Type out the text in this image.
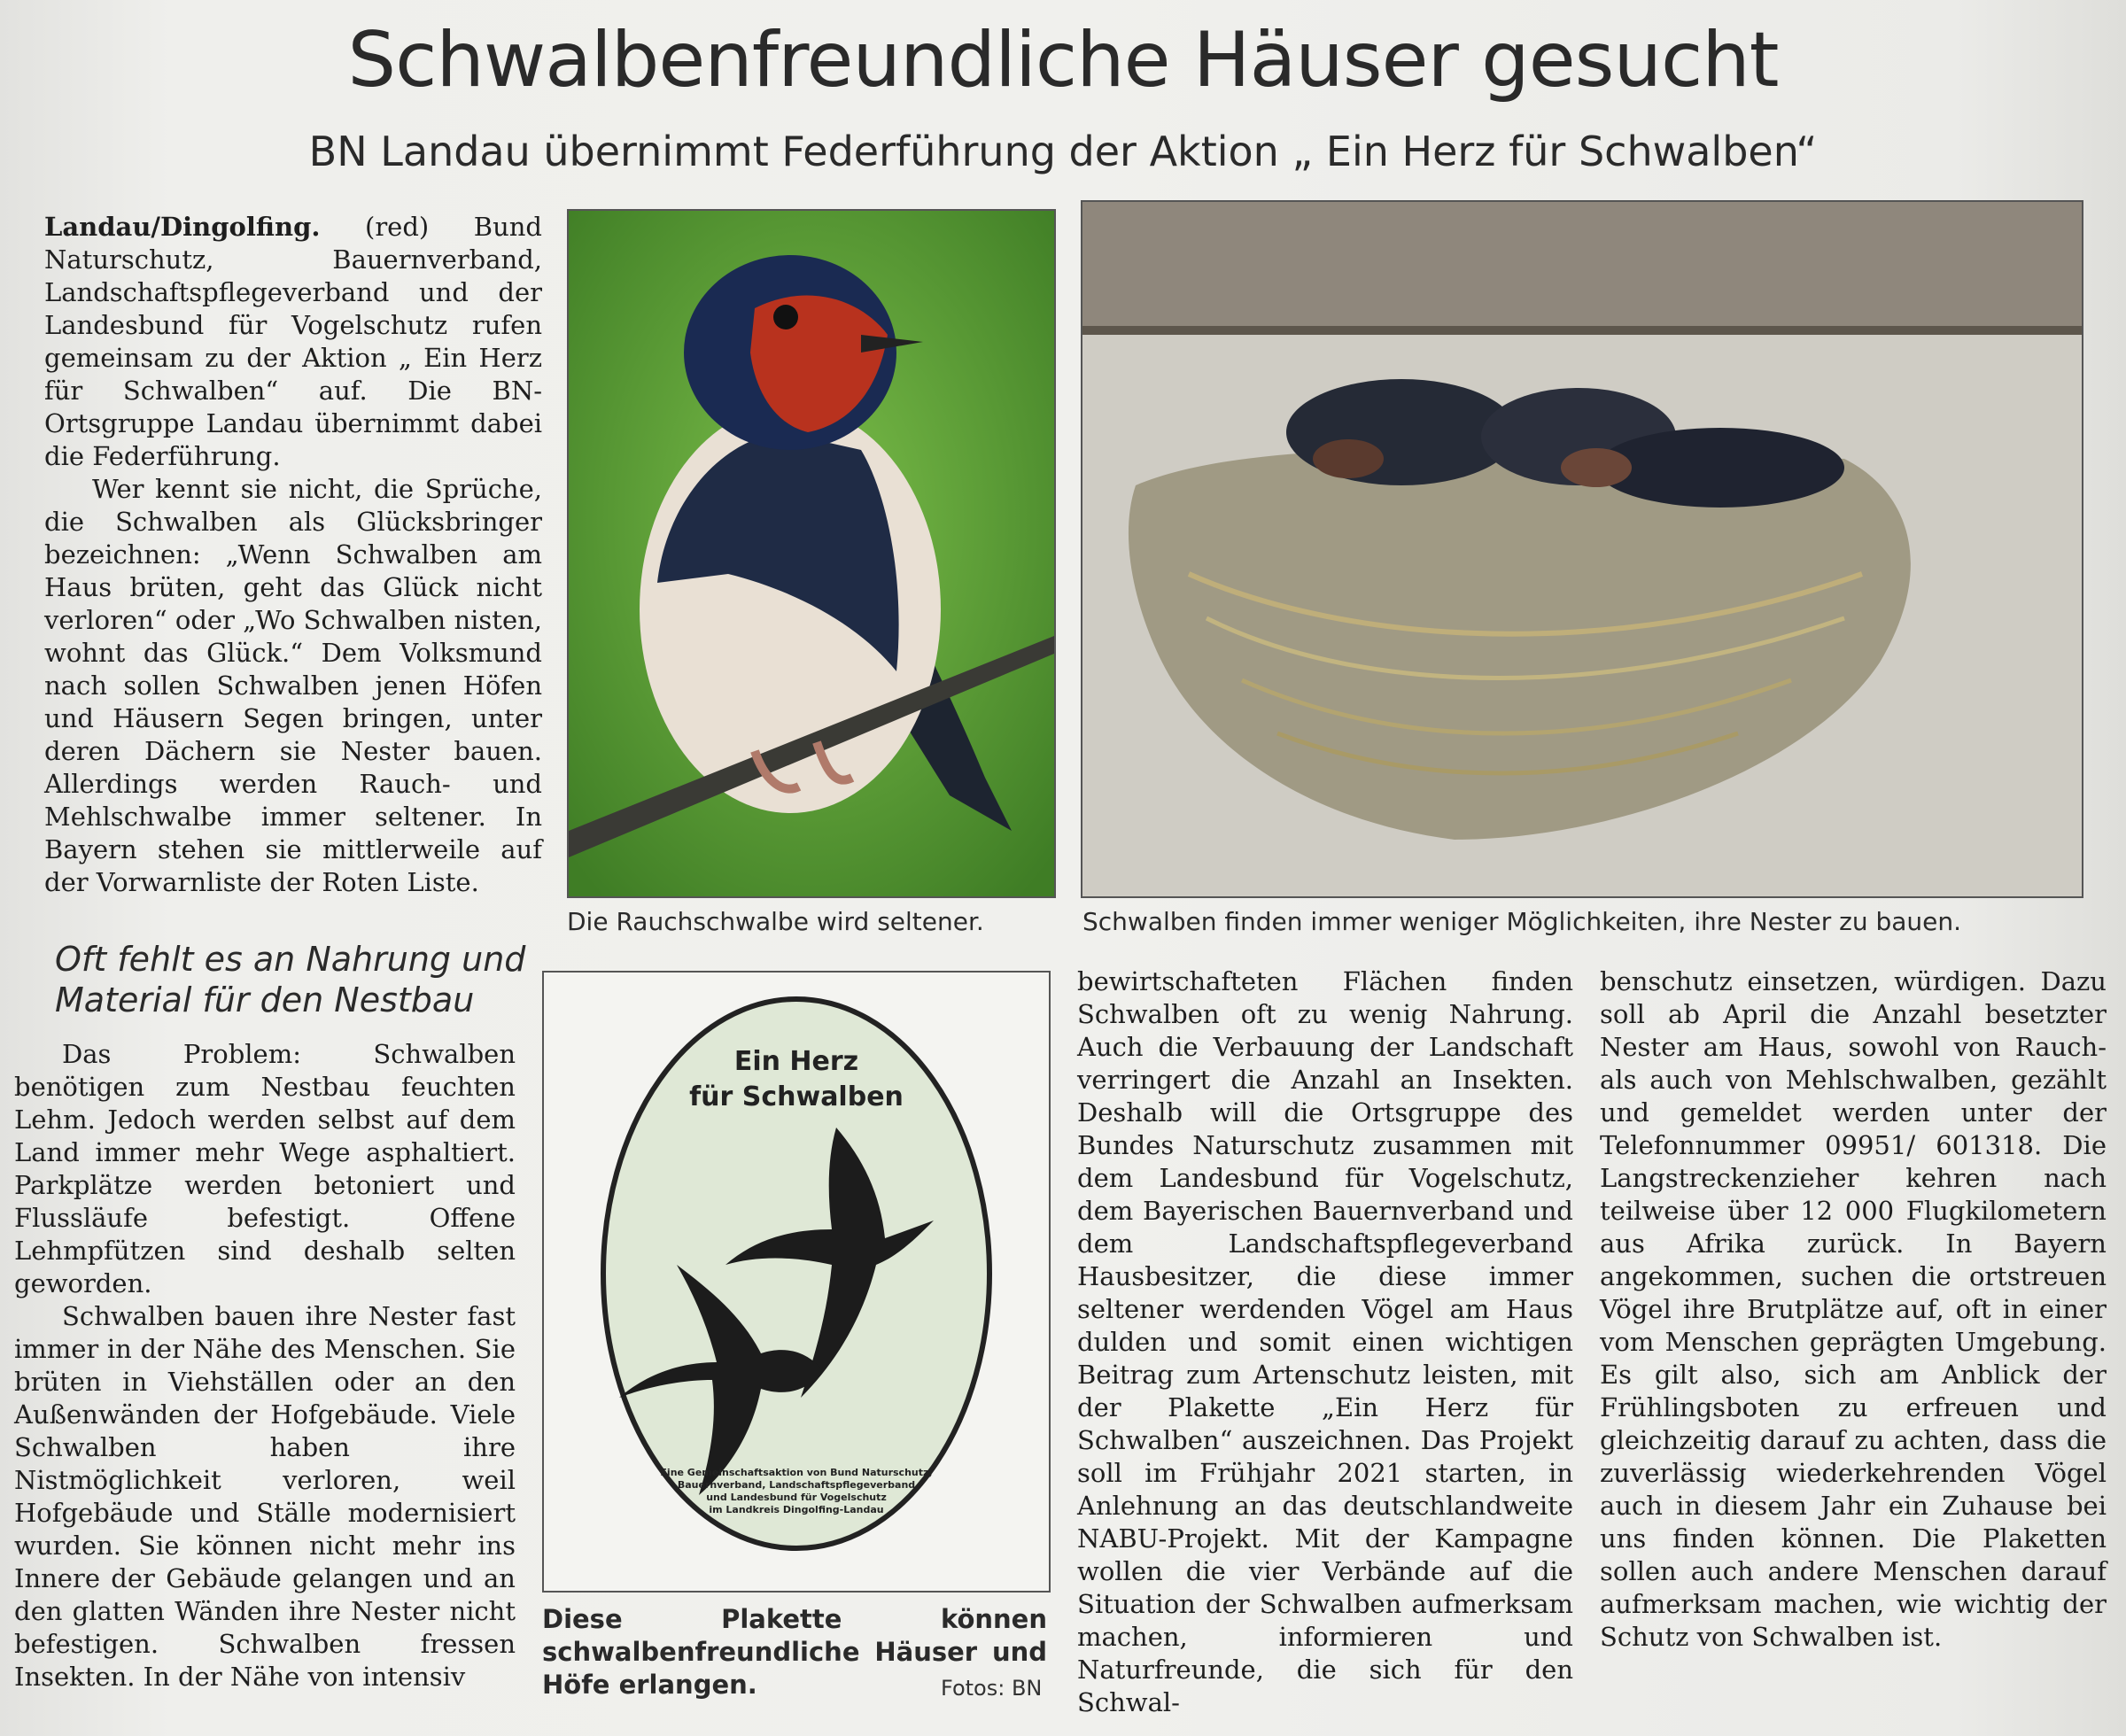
Schwalbenfreundliche Häuser gesucht
BN Landau übernimmt Federführung der Aktion „ Ein Herz für Schwalben“

Landau/Dingolfing. (red) Bund Naturschutz, Bauernverband, Landschaftspflegeverband und der Landesbund für Vogelschutz rufen gemeinsam zu der Aktion „ Ein Herz für Schwalben“ auf. Die BN-Ortsgruppe Landau übernimmt dabei die Federführung.

Wer kennt sie nicht, die Sprüche, die Schwalben als Glücksbringer bezeichnen: „Wenn Schwalben am Haus brüten, geht das Glück nicht verloren“ oder „Wo Schwalben nisten, wohnt das Glück.“ Dem Volksmund nach sollen Schwalben jenen Höfen und Häusern Segen bringen, unter deren Dächern sie Nester bauen. Allerdings werden Rauch- und Mehlschwalbe immer seltener. In Bayern stehen sie mittlerweile auf der Vorwarnliste der Roten Liste.

Oft fehlt es an Nahrung und Material für den Nestbau

Das Problem: Schwalben benötigen zum Nestbau feuchten Lehm. Jedoch werden selbst auf dem Land immer mehr Wege asphaltiert. Parkplätze werden betoniert und Flussläufe befestigt. Offene Lehmpfützen sind deshalb selten geworden.

Schwalben bauen ihre Nester fast immer in der Nähe des Menschen. Sie brüten in Viehställen oder an den Außenwänden der Hofgebäude. Viele Schwalben haben ihre Nistmöglichkeit verloren, weil Hofgebäude und Ställe modernisiert wurden. Sie können nicht mehr ins Innere der Gebäude gelangen und an den glatten Wänden ihre Nester nicht befestigen. Schwalben fressen Insekten. In der Nähe von intensiv

Die Rauchschwalbe wird seltener.	Schwalben finden immer weniger Möglichkeiten, ihre Nester zu bauen.
Ein Herz
für Schwalben
Eine Gemeinschaftsaktion von Bund Naturschutz,
Bauernverband, Landschaftspflegeverband
und Landesbund für Vogelschutz
im Landkreis Dingolfing-Landau
Diese Plakette können schwalbenfreundliche Häuser und Höfe erlangen.	Fotos: BN

bewirtschafteten Flächen finden Schwalben oft zu wenig Nahrung. Auch die Verbauung der Landschaft verringert die Anzahl an Insekten. Deshalb will die Ortsgruppe des Bundes Naturschutz zusammen mit dem Landesbund für Vogelschutz, dem Bayerischen Bauernverband und dem Landschaftspflegeverband Hausbesitzer, die diese immer seltener werdenden Vögel am Haus dulden und somit einen wichtigen Beitrag zum Artenschutz leisten, mit der Plakette „Ein Herz für Schwalben“ auszeichnen. Das Projekt soll im Frühjahr 2021 starten, in Anlehnung an das deutschlandweite NABU-Projekt. Mit der Kampagne wollen die vier Verbände auf die Situation der Schwalben aufmerksam machen, informieren und Naturfreunde, die sich für den Schwal-

benschutz einsetzen, würdigen. Dazu soll ab April die Anzahl besetzter Nester am Haus, sowohl von Rauch- als auch von Mehlschwalben, gezählt und gemeldet werden unter der Telefonnummer 09951/ 601318. Die Langstreckenzieher kehren nach teilweise über 12 000 Flugkilometern aus Afrika zurück. In Bayern angekommen, suchen die ortstreuen Vögel ihre Brutplätze auf, oft in einer vom Menschen geprägten Umgebung. Es gilt also, sich am Anblick der Frühlingsboten zu erfreuen und gleichzeitig darauf zu achten, dass die zuverlässig wiederkehrenden Vögel auch in diesem Jahr ein Zuhause bei uns finden können. Die Plaketten sollen auch andere Menschen darauf aufmerksam machen, wie wichtig der Schutz von Schwalben ist.
